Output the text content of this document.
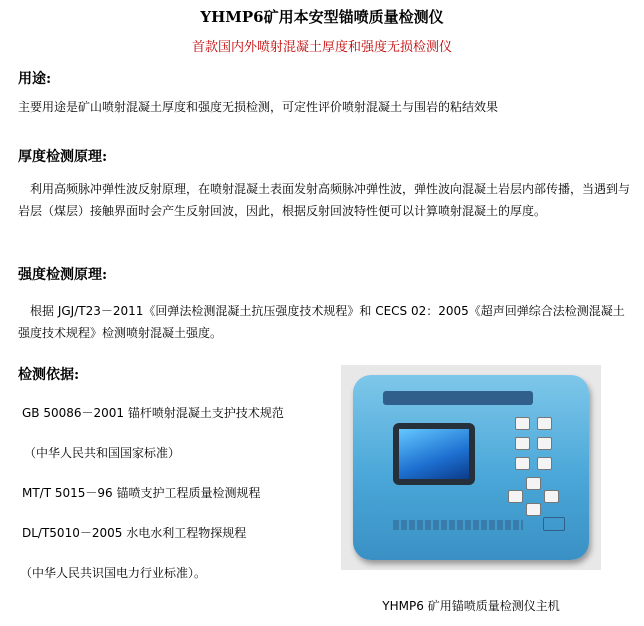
YHMP6矿用本安型锚喷质量检测仪
首款国内外喷射混凝土厚度和强度无损检测仪
用途:
主要用途是矿山喷射混凝土厚度和强度无损检测，可定性评价喷射混凝土与围岩的粘结效果
厚度检测原理:
利用高频脉冲弹性波反射原理，在喷射混凝土表面发射高频脉冲弹性波，弹性波向混凝土岩层内部传播，当遇到与岩层（煤层）接触界面时会产生反射回波，因此，根据反射回波特性便可以计算喷射混凝土的厚度。
强度检测原理:
根据 JGJ/T23－2011《回弹法检测混凝土抗压强度技术规程》和 CECS 02：2005《超声回弹综合法检测混凝土强度技术规程》检测喷射混凝土强度。
检测依据:
GB 50086－2001 锚杆喷射混凝土支护技术规范
（中华人民共和国国家标准）
MT/T 5015－96 锚喷支护工程质量检测规程
DL/T5010－2005 水电水利工程物探规程
（中华人民共识国电力行业标准）。
YHMP6 矿用锚喷质量检测仪主机
